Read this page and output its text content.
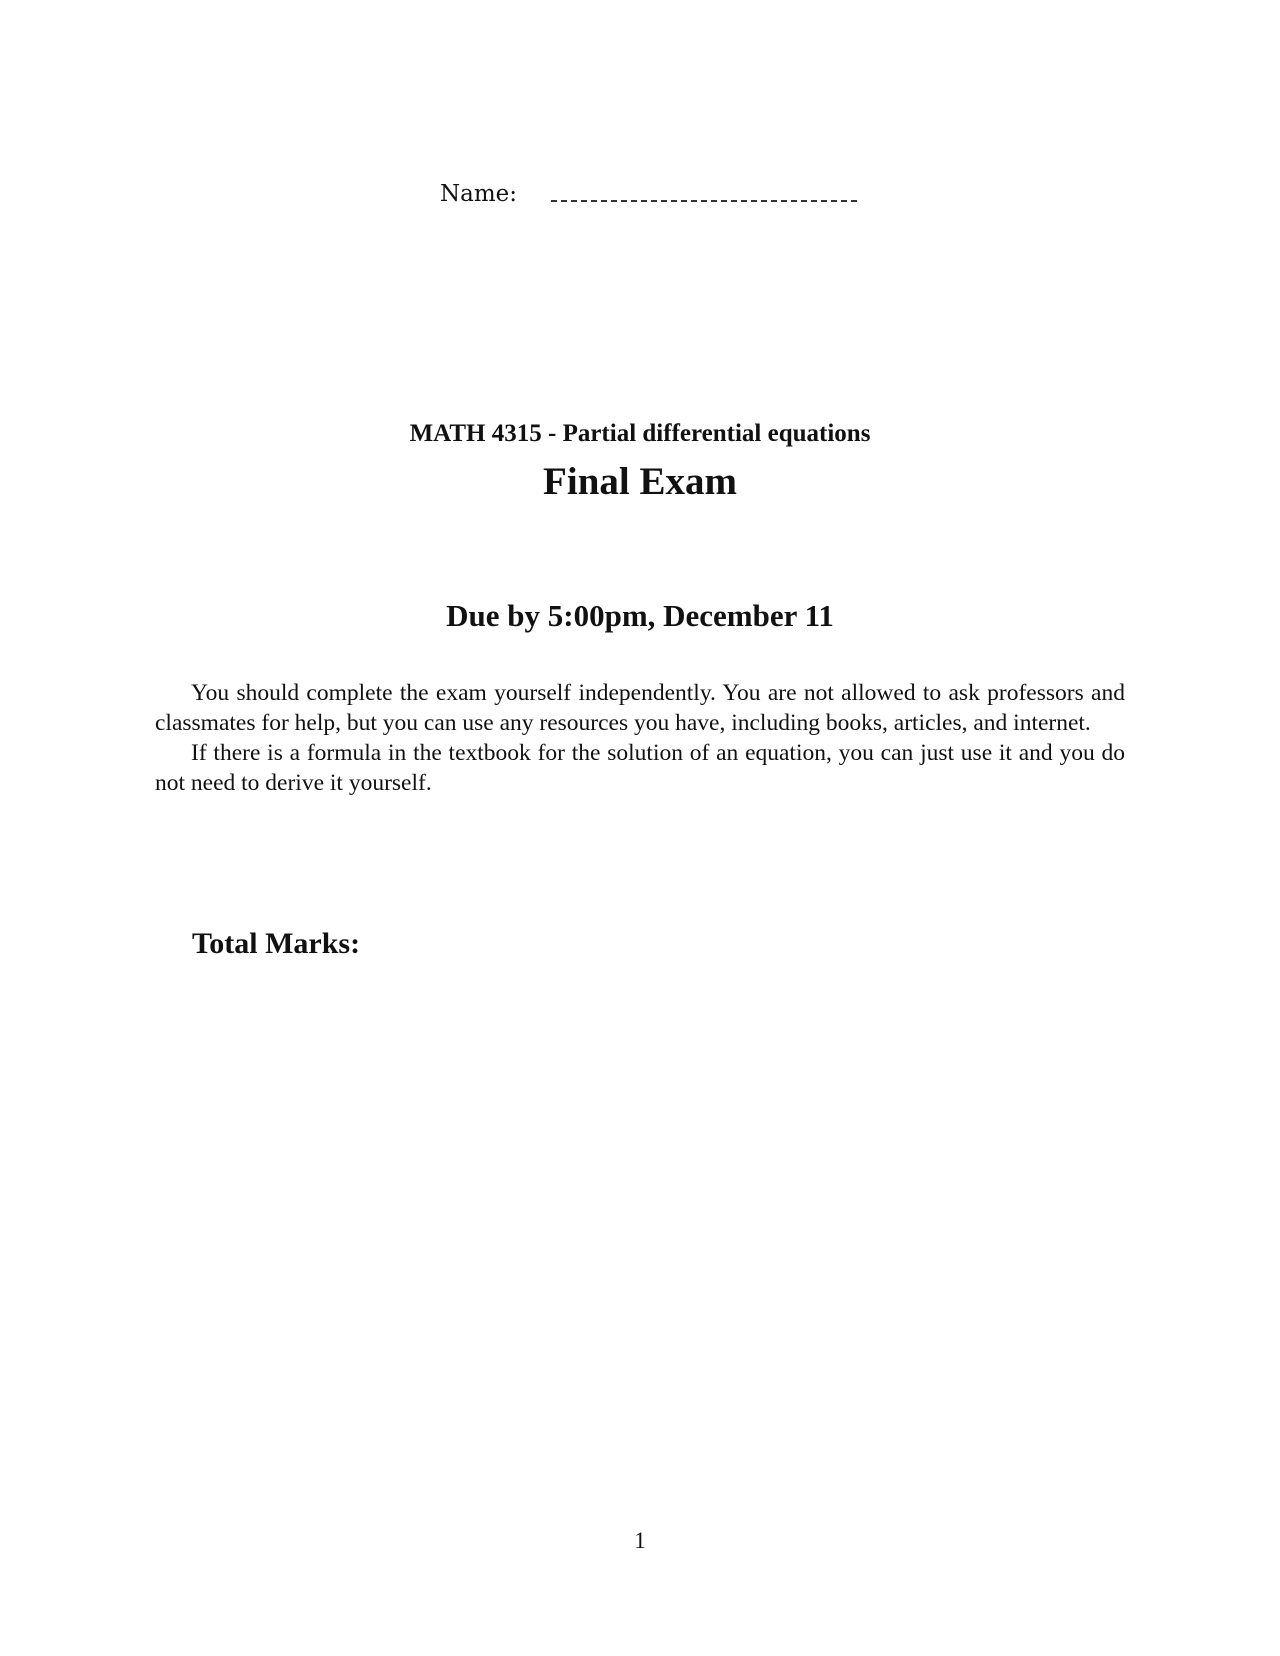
Name:
MATH 4315 - Partial differential equations
Final Exam
Due by 5:00pm, December 11

You should complete the exam yourself independently. You are not allowed to ask professors and classmates for help, but you can use any resources you have, including books, articles, and internet.

If there is a formula in the textbook for the solution of an equation, you can just use it and you do not need to derive it yourself.

Total Marks:
1
